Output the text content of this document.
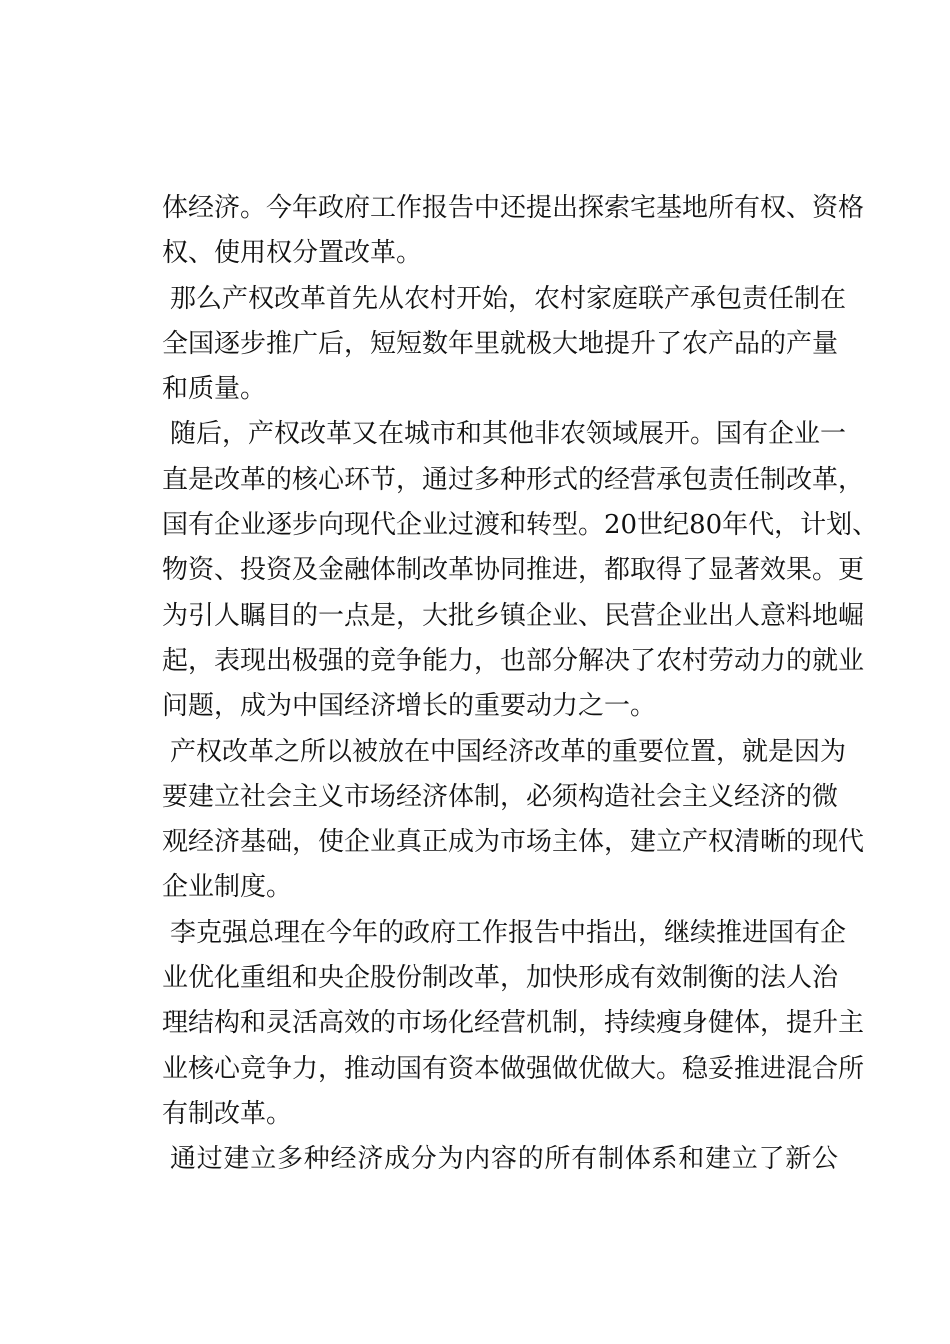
体经济。今年政府工作报告中还提出探索宅基地所有权、资格
权、使用权分置改革。
那么产权改革首先从农村开始，农村家庭联产承包责任制在
全国逐步推广后，短短数年里就极大地提升了农产品的产量
和质量。
随后，产权改革又在城市和其他非农领域展开。国有企业一
直是改革的核心环节，通过多种形式的经营承包责任制改革，
国有企业逐步向现代企业过渡和转型。20世纪80年代，计划、
物资、投资及金融体制改革协同推进，都取得了显著效果。更
为引人瞩目的一点是，大批乡镇企业、民营企业出人意料地崛
起，表现出极强的竞争能力，也部分解决了农村劳动力的就业
问题，成为中国经济增长的重要动力之一。
产权改革之所以被放在中国经济改革的重要位置，就是因为
要建立社会主义市场经济体制，必须构造社会主义经济的微
观经济基础，使企业真正成为市场主体，建立产权清晰的现代
企业制度。
李克强总理在今年的政府工作报告中指出，继续推进国有企
业优化重组和央企股份制改革，加快形成有效制衡的法人治
理结构和灵活高效的市场化经营机制，持续瘦身健体，提升主
业核心竞争力，推动国有资本做强做优做大。稳妥推进混合所
有制改革。
通过建立多种经济成分为内容的所有制体系和建立了新公
